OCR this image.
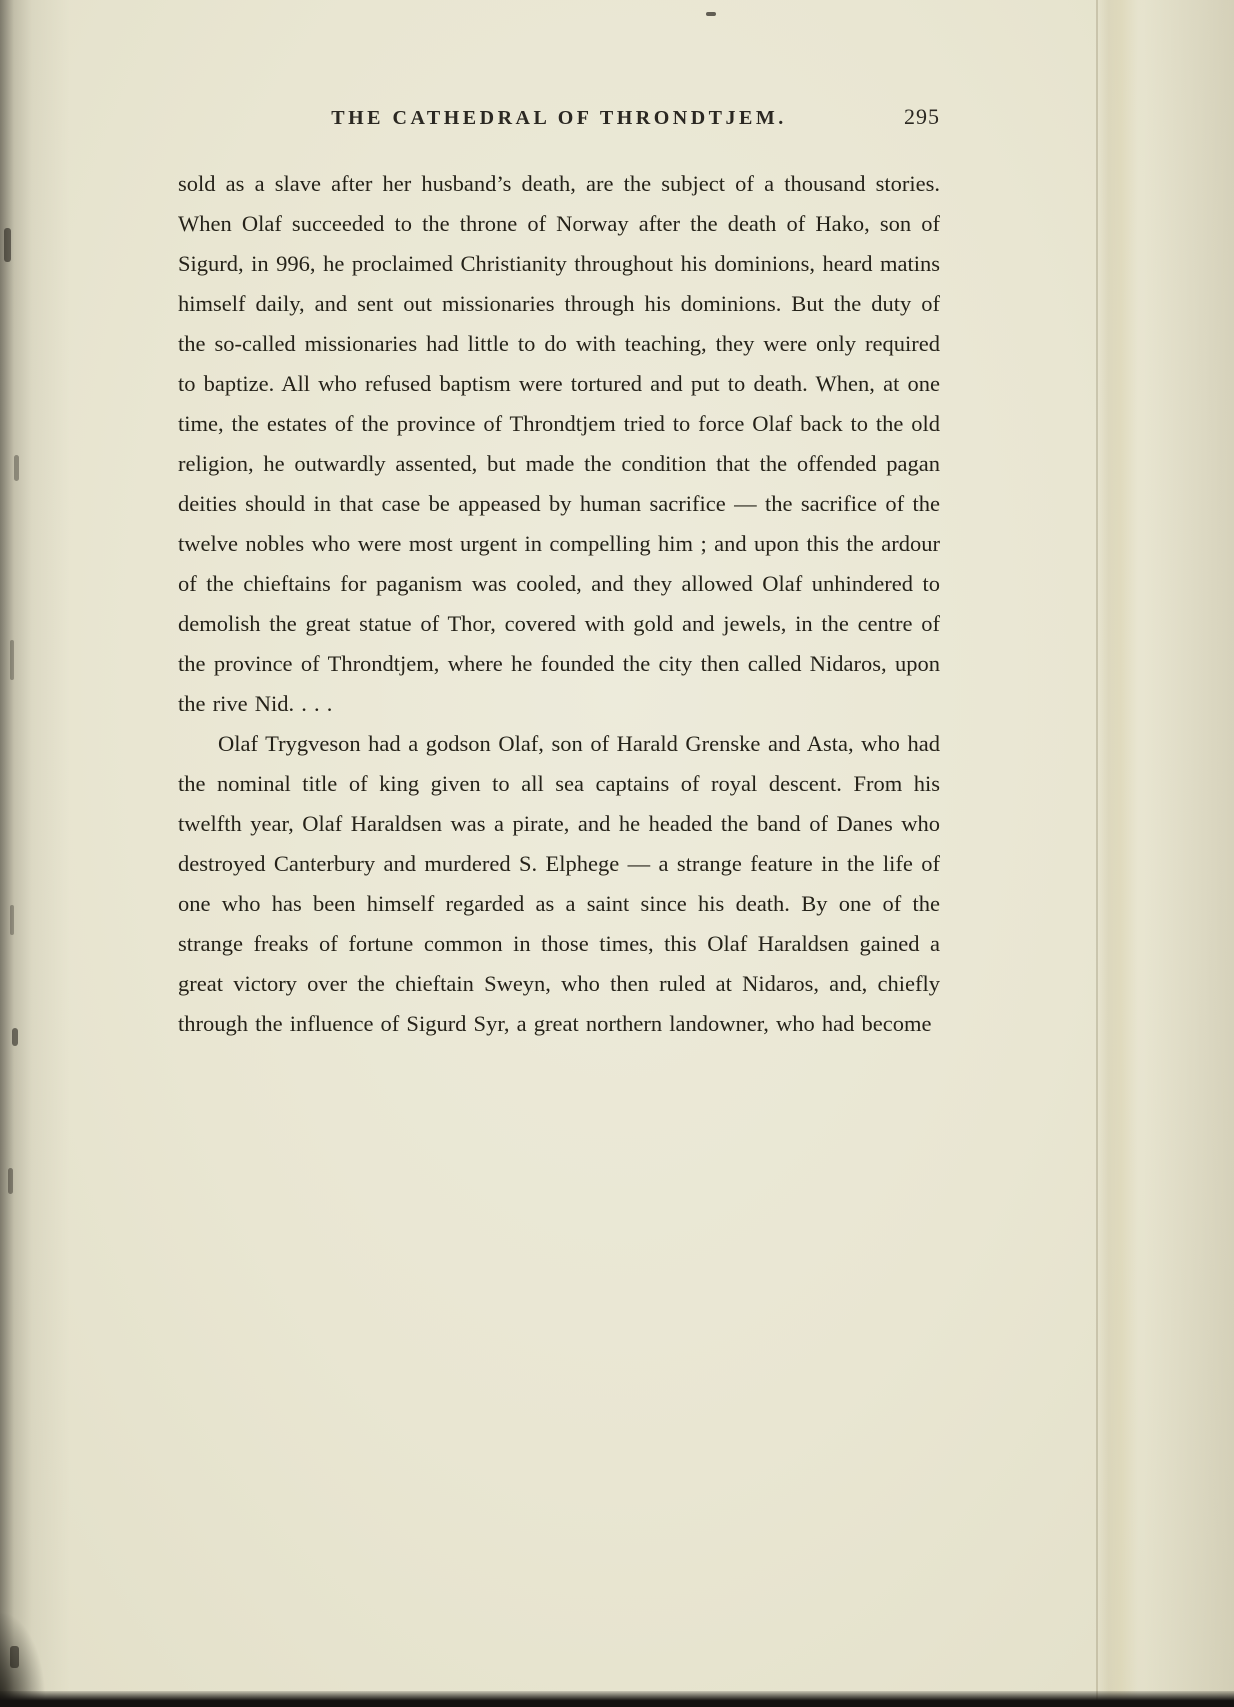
THE CATHEDRAL OF THRONDTJEM.	295

sold as a slave after her husband’s death, are the subject of a thousand stories. When Olaf succeeded to the throne of Norway after the death of Hako, son of Sigurd, in 996, he proclaimed Christianity throughout his dominions, heard matins himself daily, and sent out missionaries through his dominions. But the duty of the so-called missionaries had little to do with teaching, they were only required to baptize. All who refused baptism were tortured and put to death. When, at one time, the estates of the province of Throndtjem tried to force Olaf back to the old religion, he outwardly assented, but made the condition that the offended pagan deities should in that case be appeased by human sacrifice — the sacrifice of the twelve nobles who were most urgent in compelling him ; and upon this the ardour of the chieftains for paganism was cooled, and they allowed Olaf unhindered to demolish the great statue of Thor, covered with gold and jewels, in the centre of the province of Throndtjem, where he founded the city then called Nidaros, upon the rive Nid. . . .

Olaf Trygveson had a godson Olaf, son of Harald Grenske and Asta, who had the nominal title of king given to all sea captains of royal descent. From his twelfth year, Olaf Haraldsen was a pirate, and he headed the band of Danes who destroyed Canterbury and murdered S. Elphege — a strange feature in the life of one who has been himself regarded as a saint since his death. By one of the strange freaks of fortune common in those times, this Olaf Haraldsen gained a great victory over the chieftain Sweyn, who then ruled at Nidaros, and, chiefly through the influence of Sigurd Syr, a great northern landowner, who had become
